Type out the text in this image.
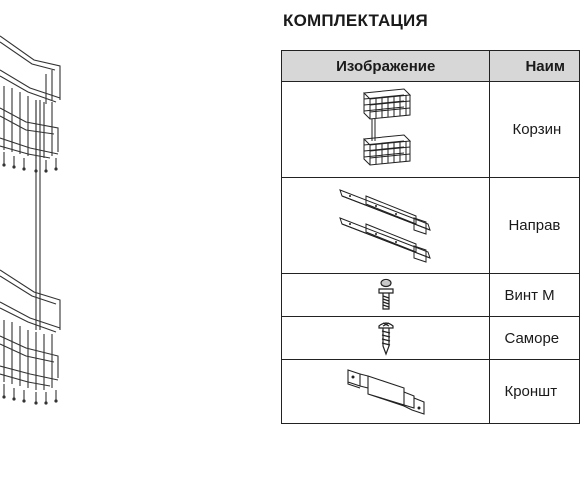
КОМПЛЕКТАЦИЯ
Изображение	Наим

	Корзин

	Направ

	Винт М

	Саморе

	Кроншт
